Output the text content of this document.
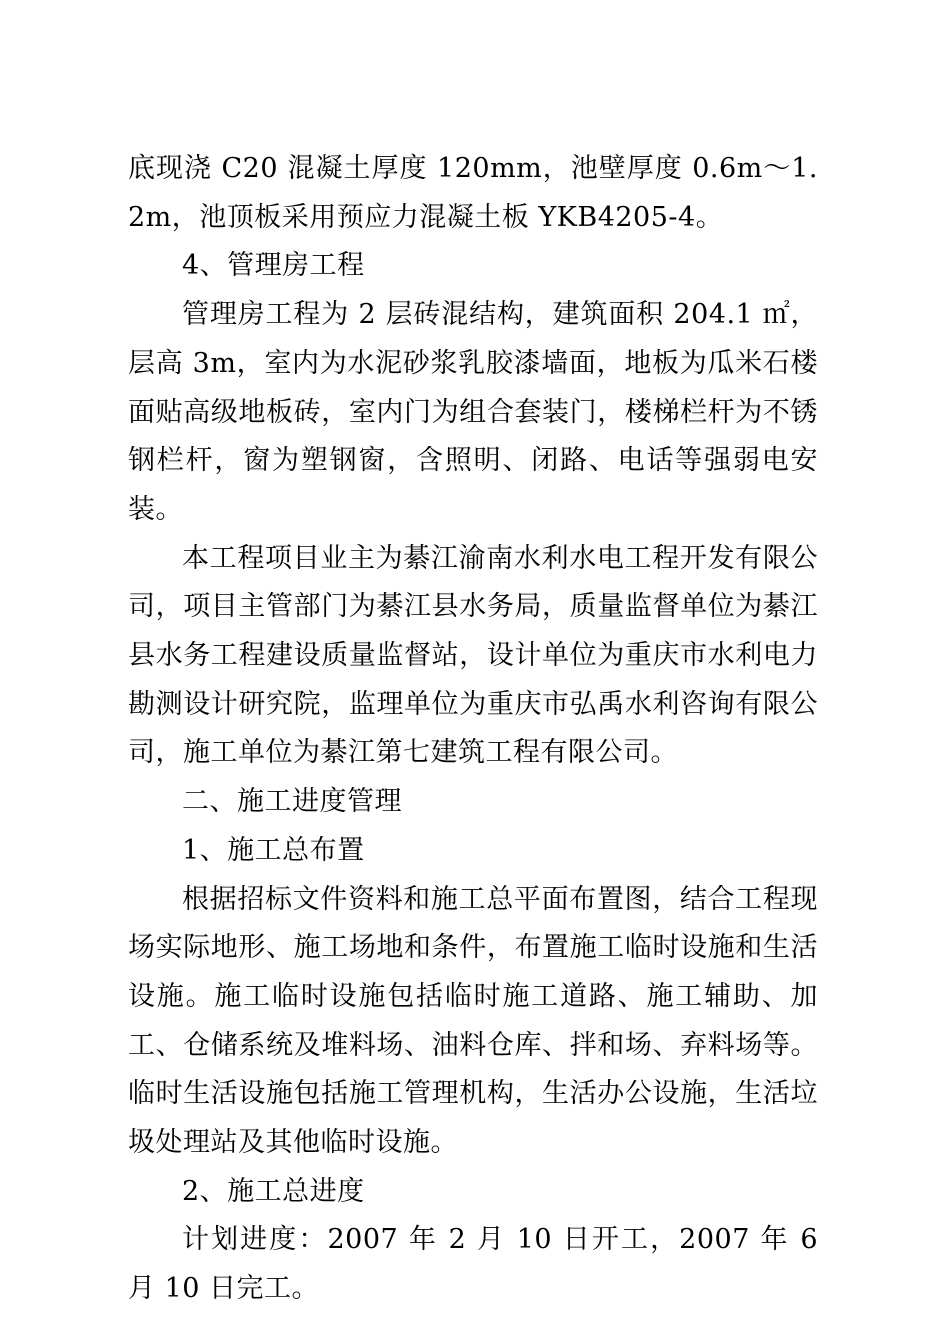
底现浇 C20 混凝土厚度 120mm，池壁厚度 0.6m～1.2m，池顶板采用预应力混凝土板 YKB4205-4。

4、管理房工程

管理房工程为 2 层砖混结构，建筑面积 204.1 ㎡，层高 3m，室内为水泥砂浆乳胶漆墙面，地板为瓜米石楼面贴高级地板砖，室内门为组合套装门，楼梯栏杆为不锈钢栏杆，窗为塑钢窗，含照明、闭路、电话等强弱电安装。

本工程项目业主为綦江渝南水利水电工程开发有限公司，项目主管部门为綦江县水务局，质量监督单位为綦江县水务工程建设质量监督站，设计单位为重庆市水利电力勘测设计研究院，监理单位为重庆市弘禹水利咨询有限公司，施工单位为綦江第七建筑工程有限公司。

二、施工进度管理

1、施工总布置

根据招标文件资料和施工总平面布置图，结合工程现场实际地形、施工场地和条件，布置施工临时设施和生活设施。施工临时设施包括临时施工道路、施工辅助、加工、仓储系统及堆料场、油料仓库、拌和场、弃料场等。临时生活设施包括施工管理机构，生活办公设施，生活垃圾处理站及其他临时设施。

2、施工总进度

计划进度：2007 年 2 月 10 日开工，2007 年 6 月 10 日完工。
